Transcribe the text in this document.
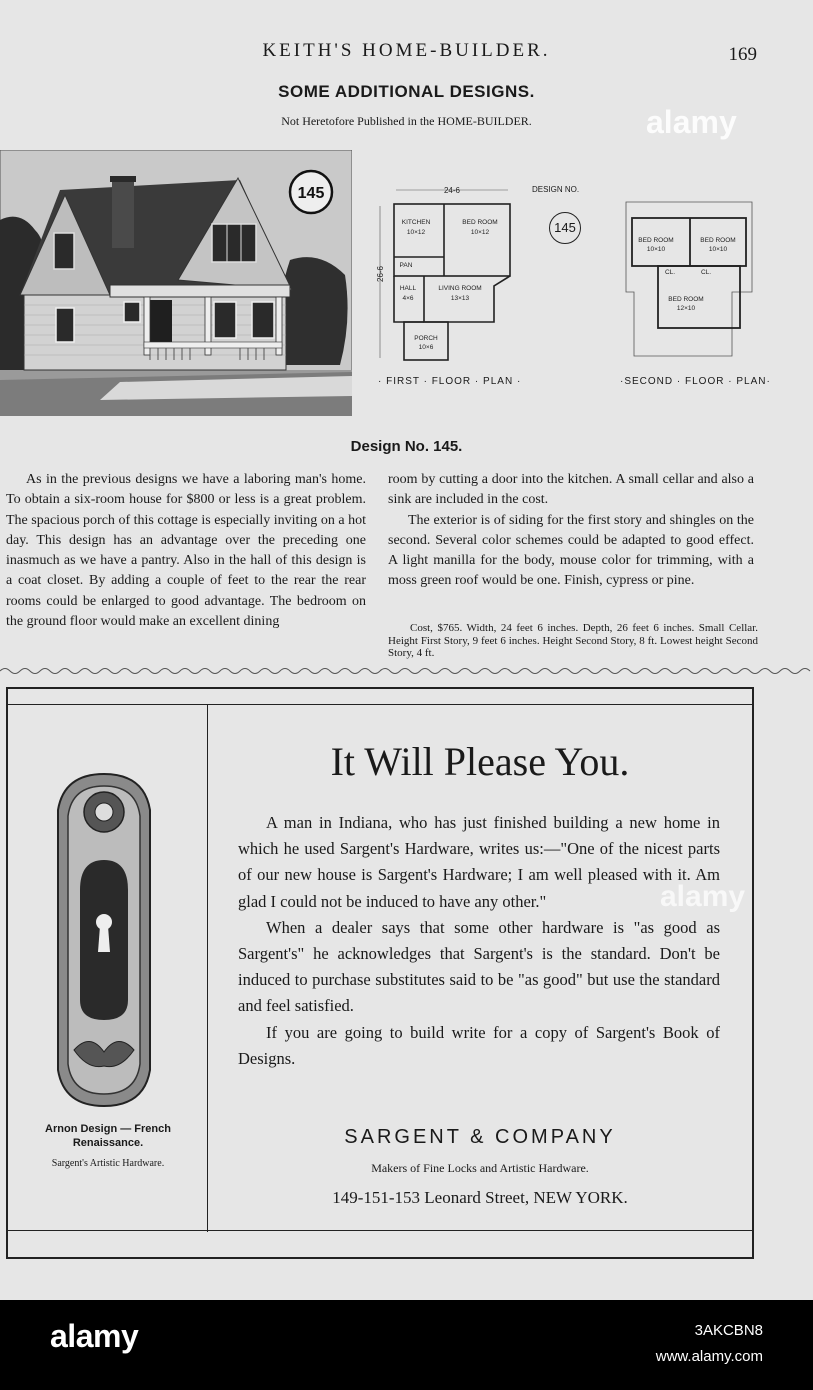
KEITH'S HOME-BUILDER.	169
SOME ADDITIONAL DESIGNS.
Not Heretofore Published in the HOME-BUILDER.
145	24-6
26-6
KITCHEN
10×12
BED ROOM
10×12
PAN
HALL
4×6
LIVING ROOM
13×13
PORCH
10×6
DESIGN NO.
145
BED ROOM
10×10
BED ROOM
10×10
CL.	CL.
BED ROOM
12×10
· FIRST · FLOOR · PLAN ·	·SECOND · FLOOR · PLAN·
Design No. 145.

As in the previous designs we have a laboring man's home. To obtain a six-room house for $800 or less is a great problem. The spacious porch of this cottage is especially inviting on a hot day. This design has an advantage over the preceding one inasmuch as we have a pantry. Also in the hall of this design is a coat closet. By adding a couple of feet to the rear the rear rooms could be enlarged to good advantage. The bedroom on the ground floor would make an excellent dining

room by cutting a door into the kitchen. A small cellar and also a sink are included in the cost.

The exterior is of siding for the first story and shingles on the second. Several color schemes could be adapted to good effect. A light manilla for the body, mouse color for trimming, with a moss green roof would be one. Finish, cypress or pine.

Cost, $765. Width, 24 feet 6 inches. Depth, 26 feet 6 inches. Small Cellar. Height First Story, 9 feet 6 inches. Height Second Story, 8 ft. Lowest height Second Story, 4 ft.
Arnon Design — French Renaissance.
Sargent's Artistic Hardware.
It Will Please You.

A man in Indiana, who has just finished building a new home in which he used Sargent's Hardware, writes us:—"One of the nicest parts of our new house is Sargent's Hardware; I am well pleased with it. Am glad I could not be induced to have any other."

When a dealer says that some other hardware is "as good as Sargent's" he acknowledges that Sargent's is the standard. Don't be induced to purchase substitutes said to be "as good" but use the standard and feel satisfied.

If you are going to build write for a copy of Sargent's Book of Designs.

SARGENT & COMPANY
Makers of Fine Locks and Artistic Hardware.
149-151-153 Leonard Street, NEW YORK.
alamy
alamy
alamy	3AKCBN8
www.alamy.com
